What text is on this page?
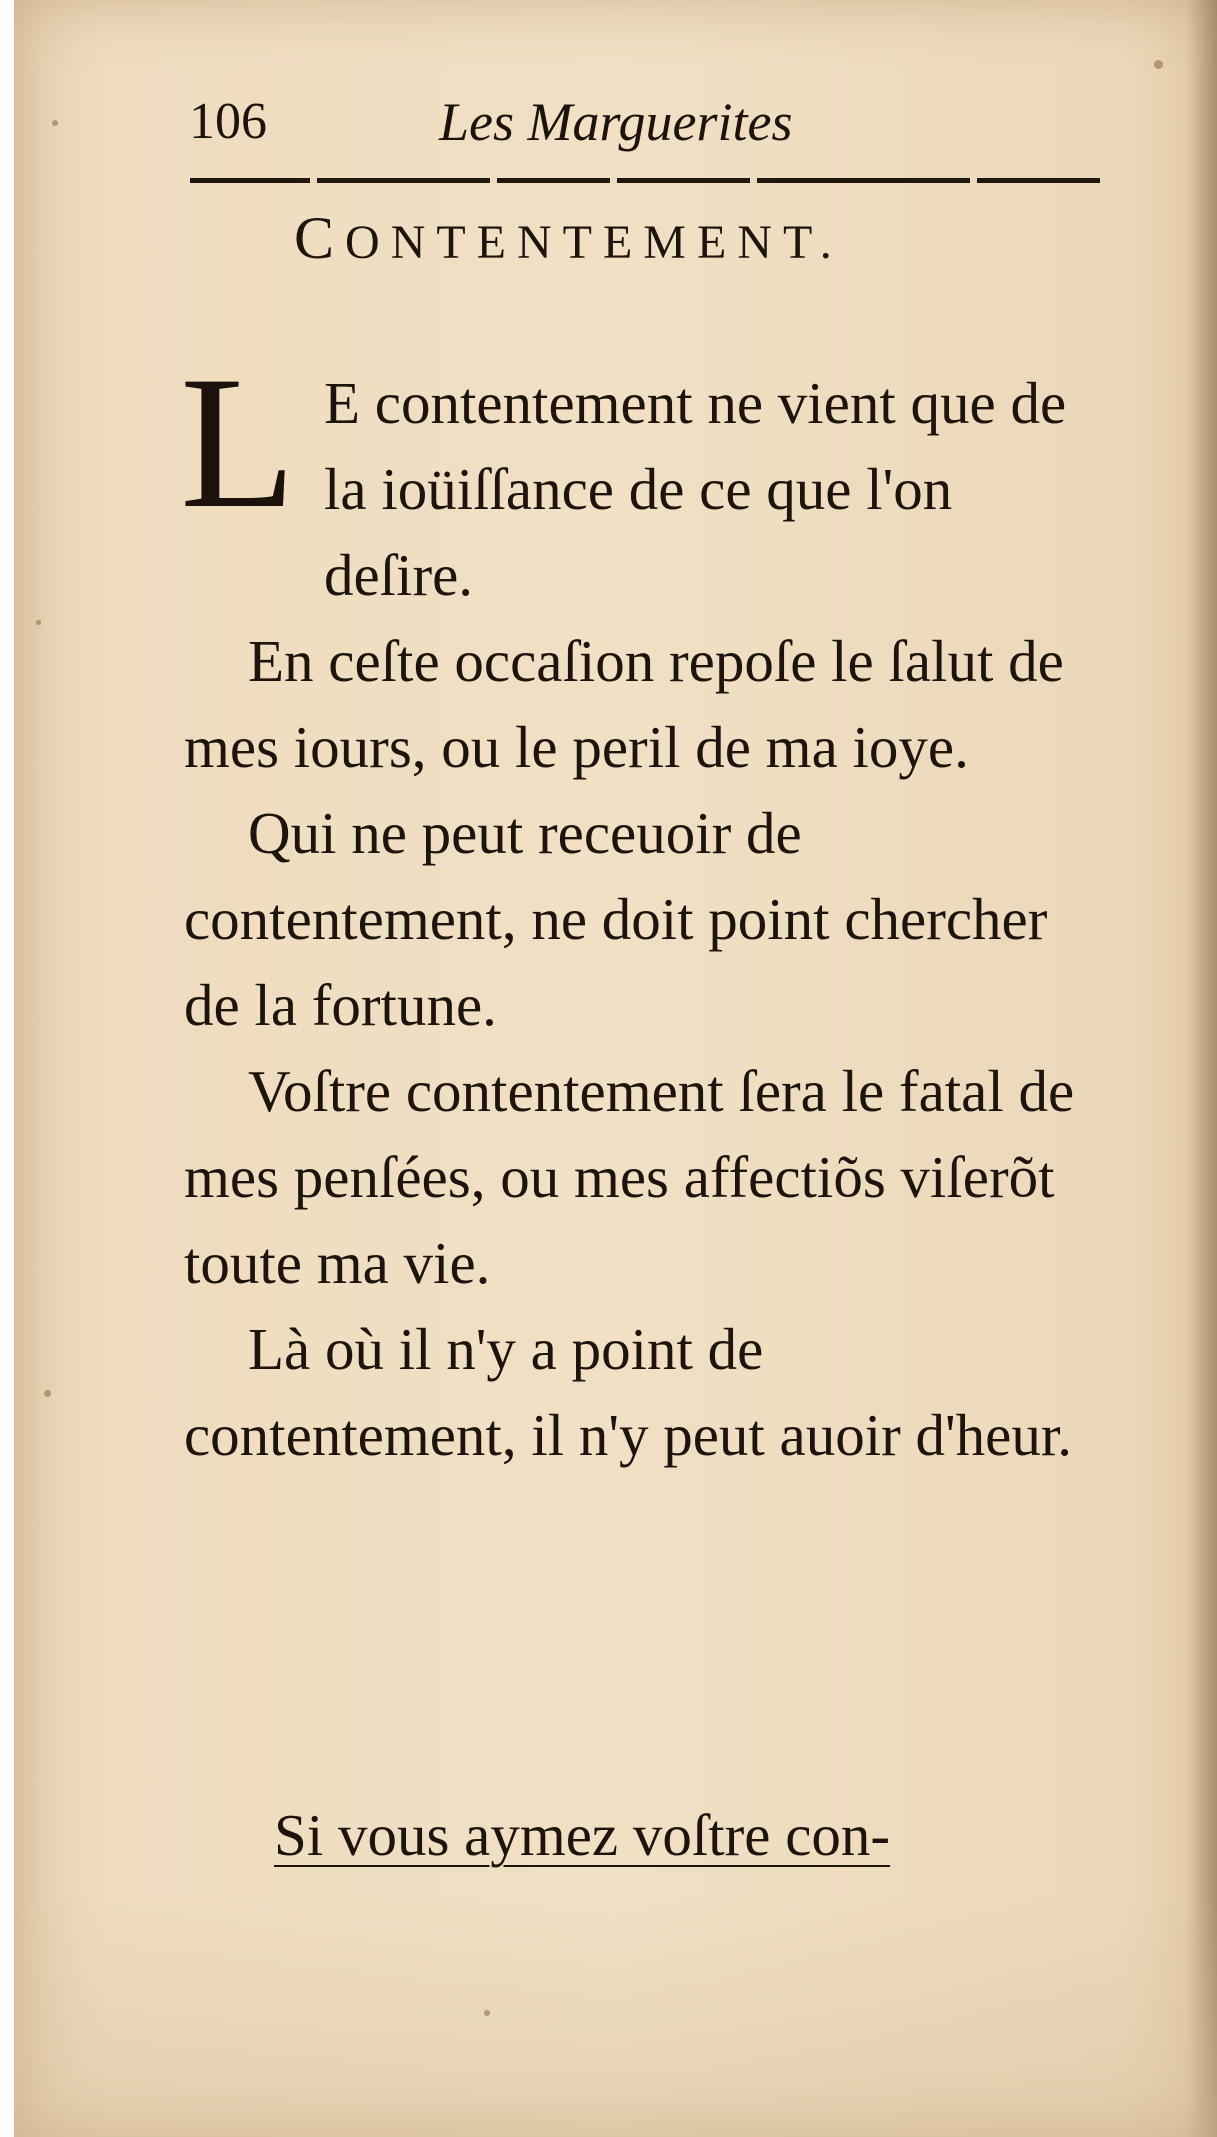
106	Les Marguerites
CONTENTEMENT.

L E contentement ne vient que de la ioüiſſance de ce que l'on deſire.

En ceſte occaſion repoſe le ſalut de mes iours, ou le peril de ma ioye.

Qui ne peut receuoir de contentement, ne doit point chercher de la fortune.

Voſtre contentement ſera le fatal de mes penſées, ou mes affectiõs viſerõt toute ma vie.

Là où il n'y a point de contentement, il n'y peut auoir d'heur.

Si vous aymez voſtre con-
